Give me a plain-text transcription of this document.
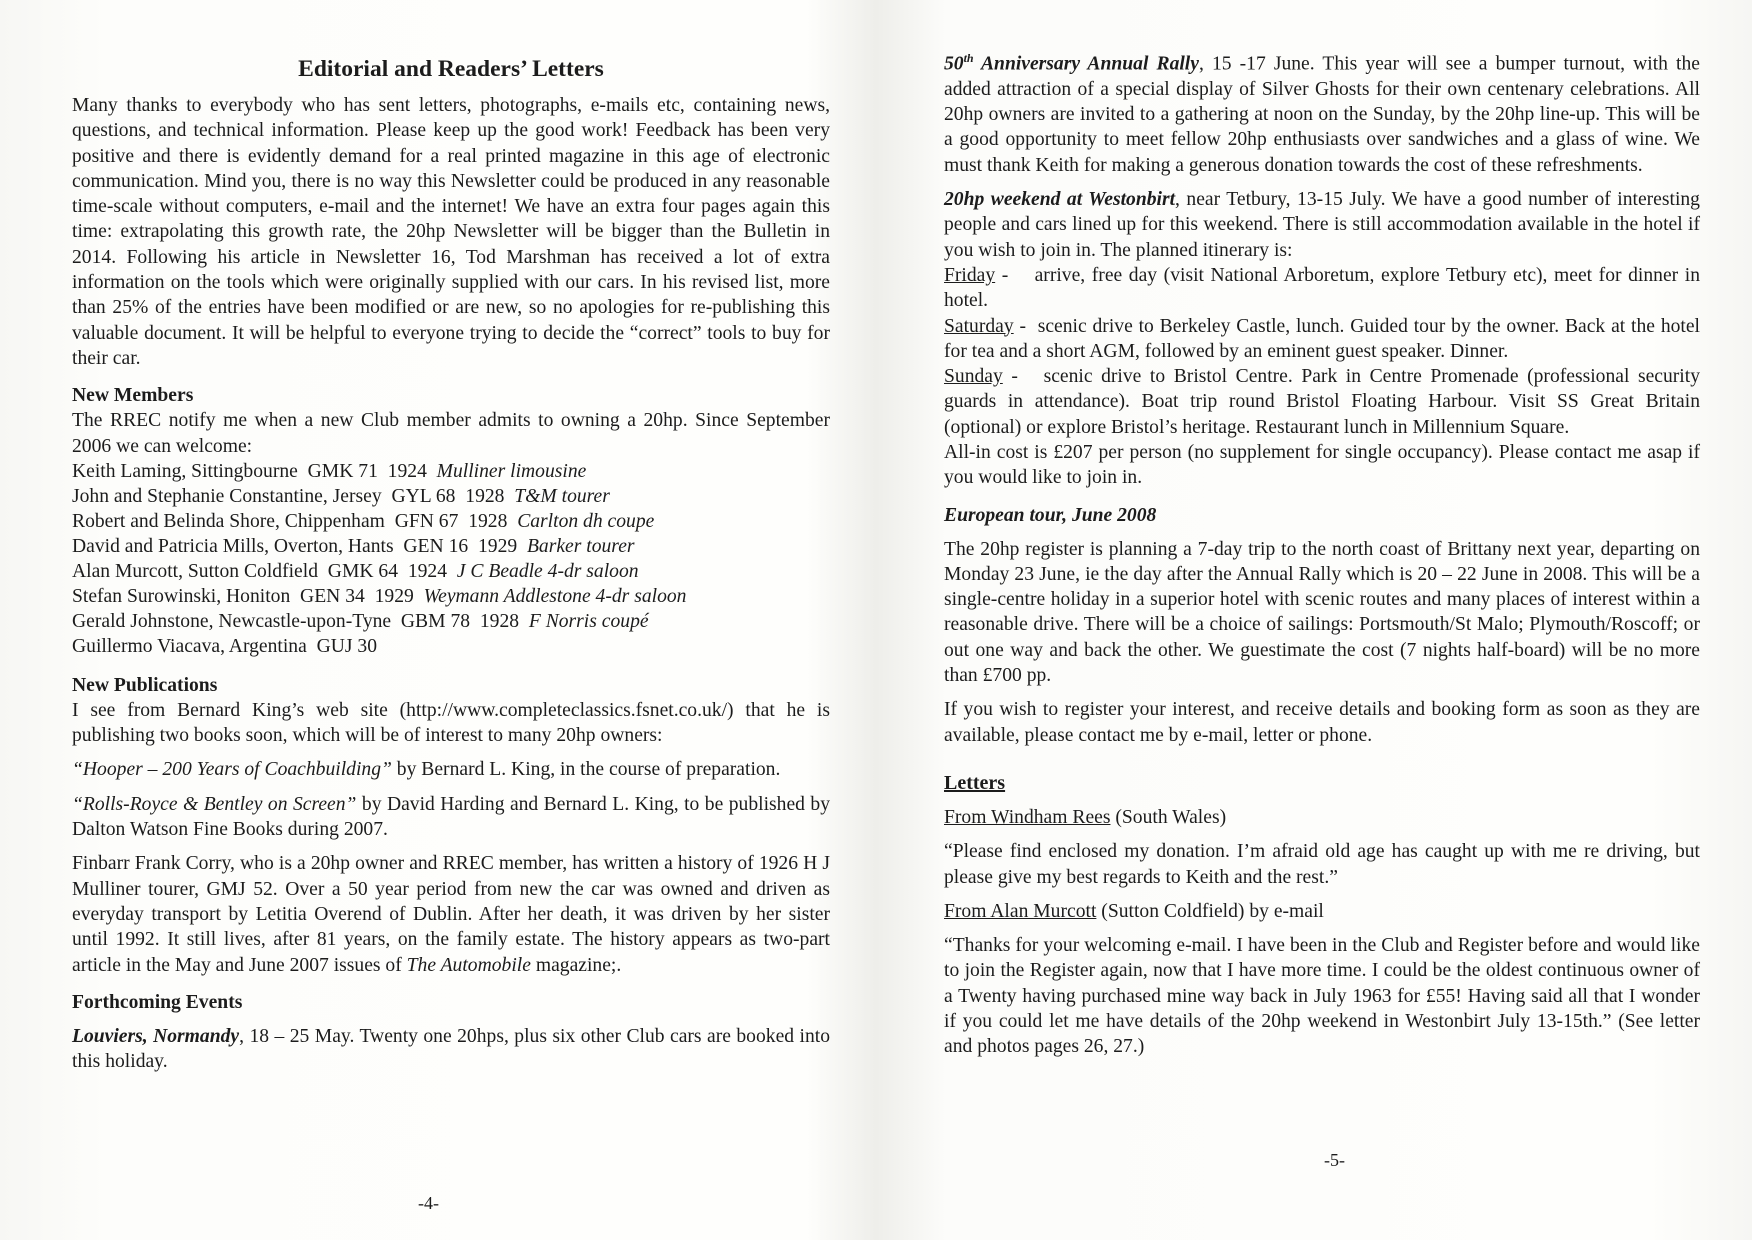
Editorial and Readers’ Letters

Many thanks to everybody who has sent letters, photographs, e-mails etc, containing news, questions, and technical information. Please keep up the good work! Feedback has been very positive and there is evidently demand for a real printed magazine in this age of electronic communication. Mind you, there is no way this Newsletter could be produced in any reasonable time-scale without computers, e-mail and the internet! We have an extra four pages again this time: extrapolating this growth rate, the 20hp Newsletter will be bigger than the Bulletin in 2014. Following his article in Newsletter 16, Tod Marshman has received a lot of extra information on the tools which were originally supplied with our cars. In his revised list, more than 25% of the entries have been modified or are new, so no apologies for re-publishing this valuable document. It will be helpful to everyone trying to decide the “correct” tools to buy for their car.

New Members

The RREC notify me when a new Club member admits to owning a 20hp. Since September 2006 we can welcome:

Keith Laming, Sittingbourne GMK 71 1924 Mulliner limousine
John and Stephanie Constantine, Jersey GYL 68 1928 T&M tourer
Robert and Belinda Shore, Chippenham GFN 67 1928 Carlton dh coupe
David and Patricia Mills, Overton, Hants GEN 16 1929 Barker tourer
Alan Murcott, Sutton Coldfield GMK 64 1924 J C Beadle 4-dr saloon
Stefan Surowinski, Honiton GEN 34 1929 Weymann Addlestone 4-dr saloon
Gerald Johnstone, Newcastle-upon-Tyne GBM 78 1928 F Norris coupé
Guillermo Viacava, Argentina GUJ 30
New Publications

I see from Bernard King’s web site (http://www.completeclassics.fsnet.co.uk/) that he is publishing two books soon, which will be of interest to many 20hp owners:

“Hooper – 200 Years of Coachbuilding” by Bernard L. King, in the course of preparation.

“Rolls-Royce & Bentley on Screen” by David Harding and Bernard L. King, to be published by Dalton Watson Fine Books during 2007.

Finbarr Frank Corry, who is a 20hp owner and RREC member, has written a history of 1926 H J Mulliner tourer, GMJ 52. Over a 50 year period from new the car was owned and driven as everyday transport by Letitia Overend of Dublin. After her death, it was driven by her sister until 1992. It still lives, after 81 years, on the family estate. The history appears as two-part article in the May and June 2007 issues of The Automobile magazine;.

Forthcoming Events

Louviers, Normandy, 18 – 25 May. Twenty one 20hps, plus six other Club cars are booked into this holiday.

-4-

50th Anniversary Annual Rally, 15 -17 June. This year will see a bumper turnout, with the added attraction of a special display of Silver Ghosts for their own centenary celebrations. All 20hp owners are invited to a gathering at noon on the Sunday, by the 20hp line-up. This will be a good opportunity to meet fellow 20hp enthusiasts over sandwiches and a glass of wine. We must thank Keith for making a generous donation towards the cost of these refreshments.

20hp weekend at Westonbirt, near Tetbury, 13-15 July. We have a good number of interesting people and cars lined up for this weekend. There is still accommodation available in the hotel if you wish to join in. The planned itinerary is:

Friday - arrive, free day (visit National Arboretum, explore Tetbury etc), meet for dinner in hotel.

Saturday - scenic drive to Berkeley Castle, lunch. Guided tour by the owner. Back at the hotel for tea and a short AGM, followed by an eminent guest speaker. Dinner.

Sunday - scenic drive to Bristol Centre. Park in Centre Promenade (professional security guards in attendance). Boat trip round Bristol Floating Harbour. Visit SS Great Britain (optional) or explore Bristol’s heritage. Restaurant lunch in Millennium Square.

All-in cost is £207 per person (no supplement for single occupancy). Please contact me asap if you would like to join in.

European tour, June 2008

The 20hp register is planning a 7-day trip to the north coast of Brittany next year, departing on Monday 23 June, ie the day after the Annual Rally which is 20 – 22 June in 2008. This will be a single-centre holiday in a superior hotel with scenic routes and many places of interest within a reasonable drive. There will be a choice of sailings: Portsmouth/St Malo; Plymouth/Roscoff; or out one way and back the other. We guestimate the cost (7 nights half-board) will be no more than £700 pp.

If you wish to register your interest, and receive details and booking form as soon as they are available, please contact me by e-mail, letter or phone.

Letters

From Windham Rees (South Wales)

“Please find enclosed my donation. I’m afraid old age has caught up with me re driving, but please give my best regards to Keith and the rest.”

From Alan Murcott (Sutton Coldfield) by e-mail

“Thanks for your welcoming e-mail. I have been in the Club and Register before and would like to join the Register again, now that I have more time. I could be the oldest continuous owner of a Twenty having purchased mine way back in July 1963 for £55! Having said all that I wonder if you could let me have details of the 20hp weekend in Westonbirt July 13-15th.” (See letter and photos pages 26, 27.)

-5-
